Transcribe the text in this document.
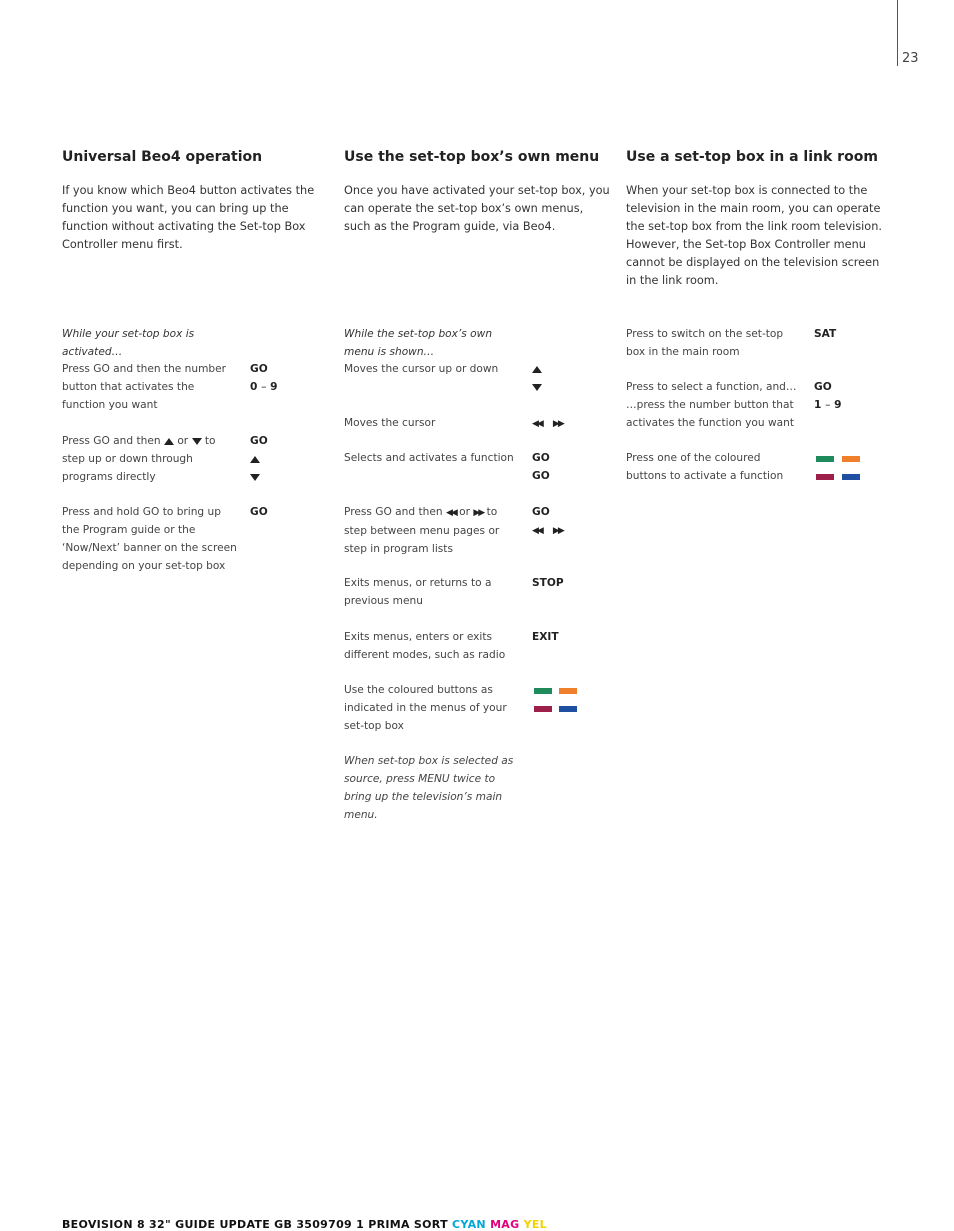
23
Universal Beo4 operation
If you know which Beo4 button activates the
function you want, you can bring up the
function without activating the Set-top Box
Controller menu first.
While your set-top box is
activated…
Press GO and then the number
button that activates the
function you want
GO
0 – 9
Press GO and then or to
step up or down through
programs directly
GO
Press and hold GO to bring up
the Program guide or the
‘Now/Next’ banner on the screen
depending on your set-top box
GO
Use the set-top box’s own menu
Once you have activated your set-top box, you
can operate the set-top box’s own menus,
such as the Program guide, via Beo4.
While the set-top box’s own
menu is shown…
Moves the cursor up or down
Moves the cursor	◀◀ ▶▶
Selects and activates a function GO
GO
Press GO and then ◀◀ or ▶▶ to
step between menu pages or
step in program lists
GO
◀◀ ▶▶
Exits menus, or returns to a
previous menu
STOP
Exits menus, enters or exits
different modes, such as radio
EXIT
Use the coloured buttons as
indicated in the menus of your
set-top box
When set-top box is selected as
source, press MENU twice to
bring up the television’s main
menu.
Use a set-top box in a link room
When your set-top box is connected to the
television in the main room, you can operate
the set-top box from the link room television.
However, the Set-top Box Controller menu
cannot be displayed on the television screen
in the link room.
Press to switch on the set-top
box in the main room
SAT
Press to select a function, and…
…press the number button that
activates the function you want
GO
1 – 9
Press one of the coloured
buttons to activate a function
BEOVISION 8 32" GUIDE UPDATE GB 3509709 1 PRIMA SORT CYAN MAG YEL
